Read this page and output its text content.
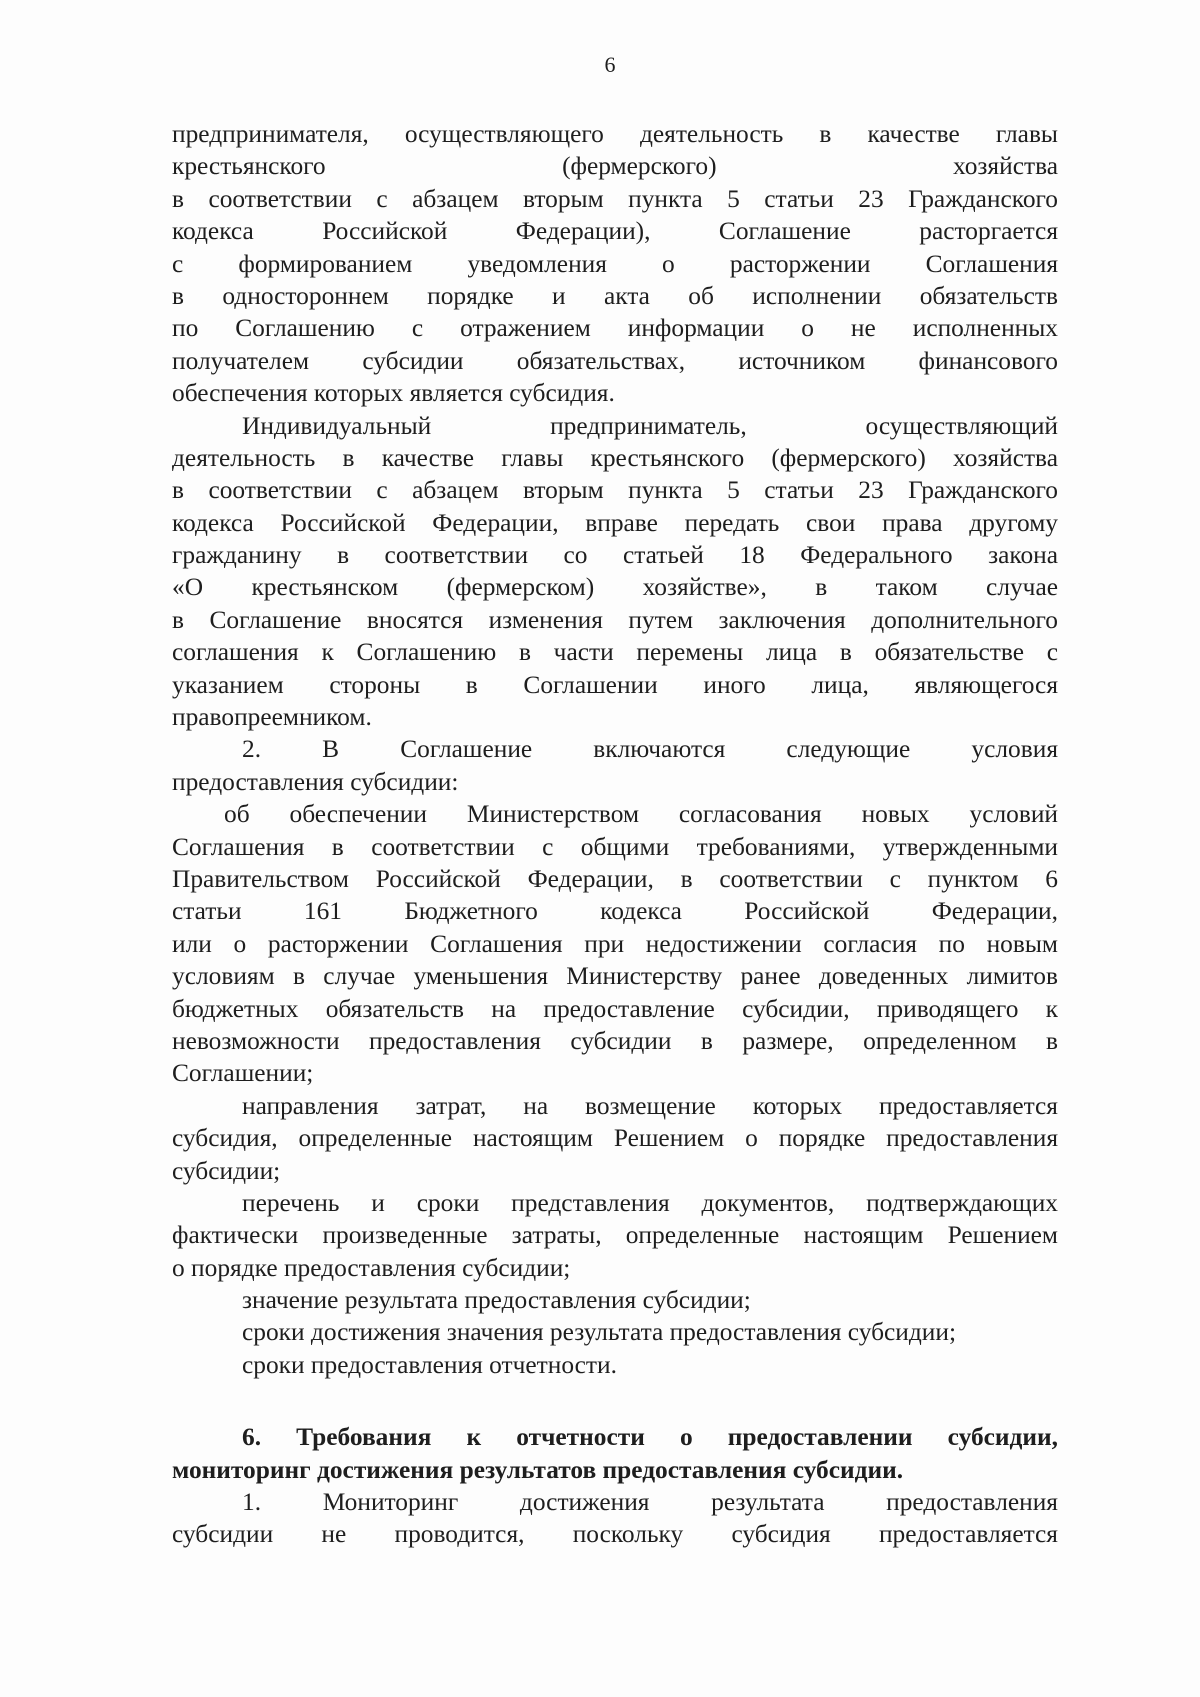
6
предпринимателя, осуществляющего деятельность в качестве главы
крестьянского (фермерского) хозяйства
в соответствии с абзацем вторым пункта 5 статьи 23 Гражданского
кодекса Российской Федерации), Соглашение расторгается
с формированием уведомления о расторжении Соглашения
в одностороннем порядке и акта об исполнении обязательств
по Соглашению с отражением информации о не исполненных
получателем субсидии обязательствах, источником финансового
обеспечения которых является субсидия.
Индивидуальный предприниматель, осуществляющий
деятельность в качестве главы крестьянского (фермерского) хозяйства
в соответствии с абзацем вторым пункта 5 статьи 23 Гражданского
кодекса Российской Федерации, вправе передать свои права другому
гражданину в соответствии со статьей 18 Федерального закона
«О крестьянском (фермерском) хозяйстве», в таком случае
в Соглашение вносятся изменения путем заключения дополнительного
соглашения к Соглашению в части перемены лица в обязательстве с
указанием стороны в Соглашении иного лица, являющегося
правопреемником.
2. В Соглашение включаются следующие условия
предоставления субсидии:
об обеспечении Министерством согласования новых условий
Соглашения в соответствии с общими требованиями, утвержденными
Правительством Российской Федерации, в соответствии с пунктом 6
статьи 161 Бюджетного кодекса Российской Федерации,
или о расторжении Соглашения при недостижении согласия по новым
условиям в случае уменьшения Министерству ранее доведенных лимитов
бюджетных обязательств на предоставление субсидии, приводящего к
невозможности предоставления субсидии в размере, определенном в
Соглашении;
направления затрат, на возмещение которых предоставляется
субсидия, определенные настоящим Решением о порядке предоставления
субсидии;
перечень и сроки представления документов, подтверждающих
фактически произведенные затраты, определенные настоящим Решением
о порядке предоставления субсидии;
значение результата предоставления субсидии;
сроки достижения значения результата предоставления субсидии;
сроки предоставления отчетности.
6. Требования к отчетности о предоставлении субсидии,
мониторинг достижения результатов предоставления субсидии.
1. Мониторинг достижения результата предоставления
субсидии не проводится, поскольку субсидия предоставляется
